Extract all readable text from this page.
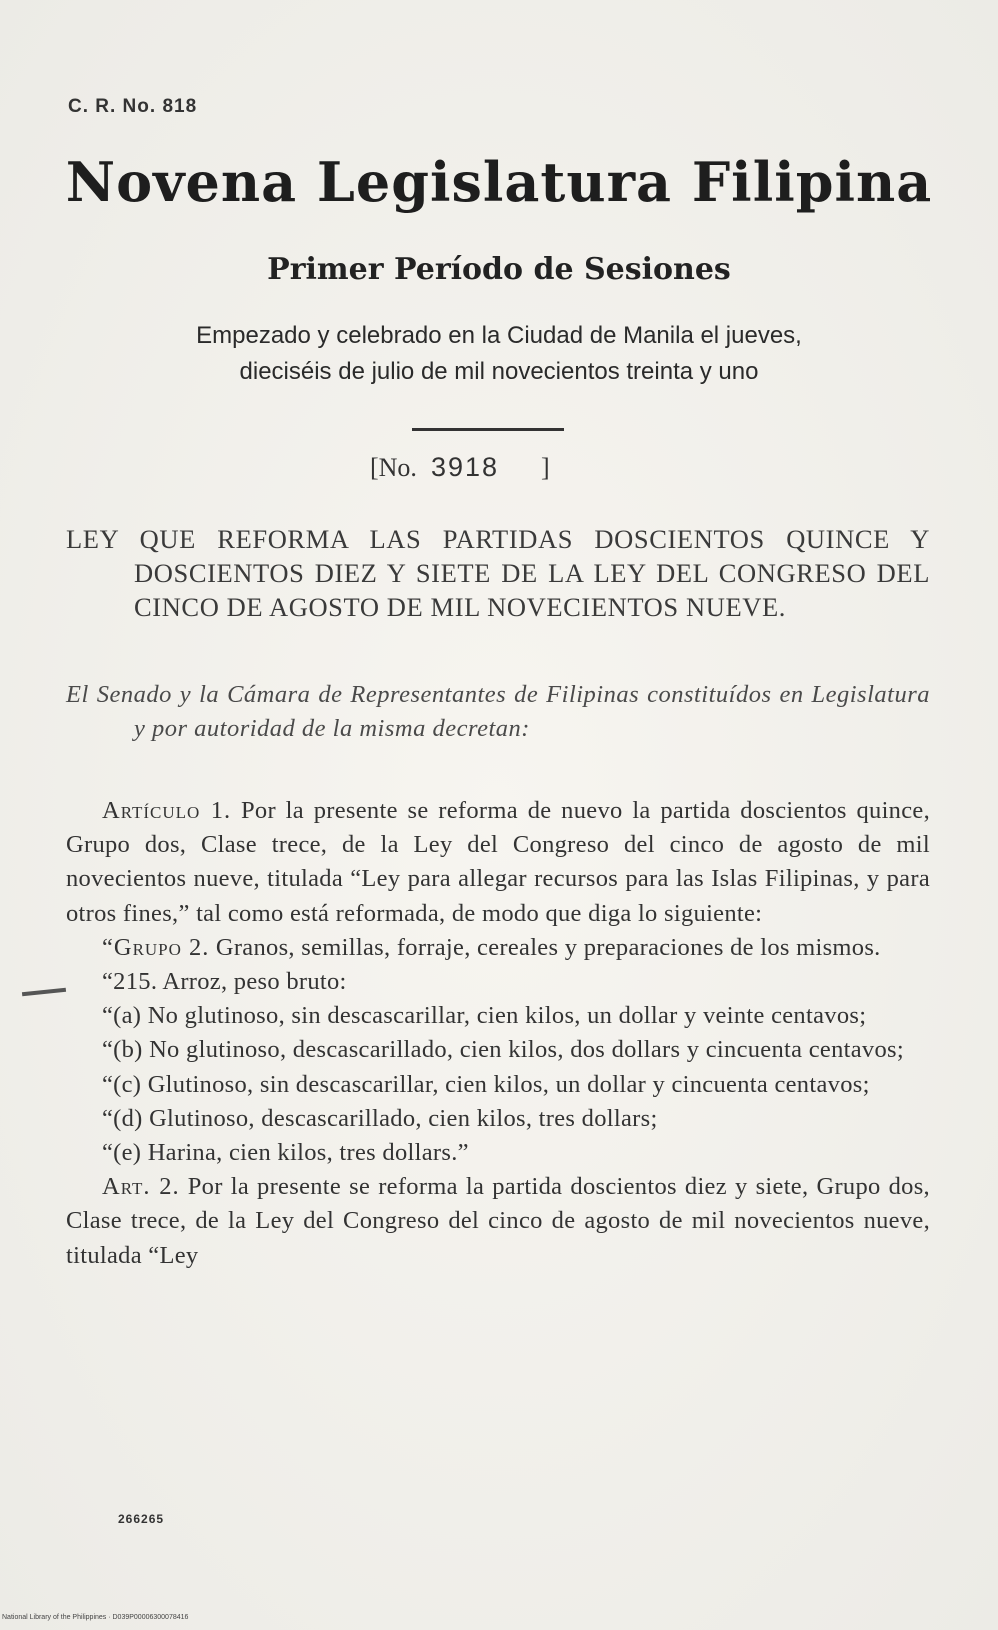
C. R. No. 818
Novena Legislatura Filipina
Primer Período de Sesiones
Empezado y celebrado en la Ciudad de Manila el jueves,
dieciséis de julio de mil novecientos treinta y uno
[No. 3918 ]
LEY QUE REFORMA LAS PARTIDAS DOSCIENTOS QUINCE Y DOSCIENTOS DIEZ Y SIETE DE LA LEY DEL CONGRESO DEL CINCO DE AGOSTO DE MIL NOVECIENTOS NUEVE.
El Senado y la Cámara de Representantes de Filipinas constituídos en Legislatura y por autoridad de la misma decretan:

Artículo 1. Por la presente se reforma de nuevo la partida doscientos quince, Grupo dos, Clase trece, de la Ley del Congreso del cinco de agosto de mil novecientos nueve, titulada “Ley para allegar recursos para las Islas Filipinas, y para otros fines,” tal como está reformada, de modo que diga lo siguiente:

“Grupo 2. Granos, semillas, forraje, cereales y preparaciones de los mismos.

“215. Arroz, peso bruto:

“(a) No glutinoso, sin descascarillar, cien kilos, un dollar y veinte centavos;

“(b) No glutinoso, descascarillado, cien kilos, dos dollars y cincuenta centavos;

“(c) Glutinoso, sin descascarillar, cien kilos, un dollar y cincuenta centavos;

“(d) Glutinoso, descascarillado, cien kilos, tres dollars;

“(e) Harina, cien kilos, tres dollars.”

Art. 2. Por la presente se reforma la partida doscientos diez y siete, Grupo dos, Clase trece, de la Ley del Congreso del cinco de agosto de mil novecientos nueve, titulada “Ley

266265
National Library of the Philippines · D039P00006300078416
